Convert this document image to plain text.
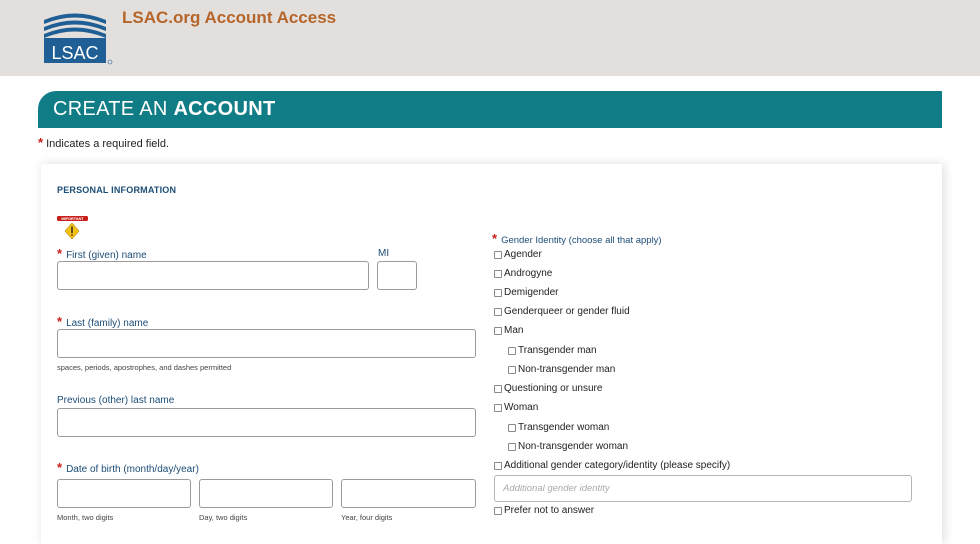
LSAC
LSAC.org Account Access
CREATE AN ACCOUNT
* Indicates a required field.
PERSONAL INFORMATION
IMPORTANT
* First (given) name	MI
* Last (family) name
spaces, periods, apostrophes, and dashes permitted
Previous (other) last name
* Date of birth (month/day/year)
Month, two digits	Day, two digits	Year, four digits
* Gender Identity (choose all that apply)
Agender
Androgyne
Demigender
Genderqueer or gender fluid
Man
Transgender man
Non-transgender man
Questioning or unsure
Woman
Transgender woman
Non-transgender woman
Additional gender category/identity (please specify)
Additional gender identity
Prefer not to answer
